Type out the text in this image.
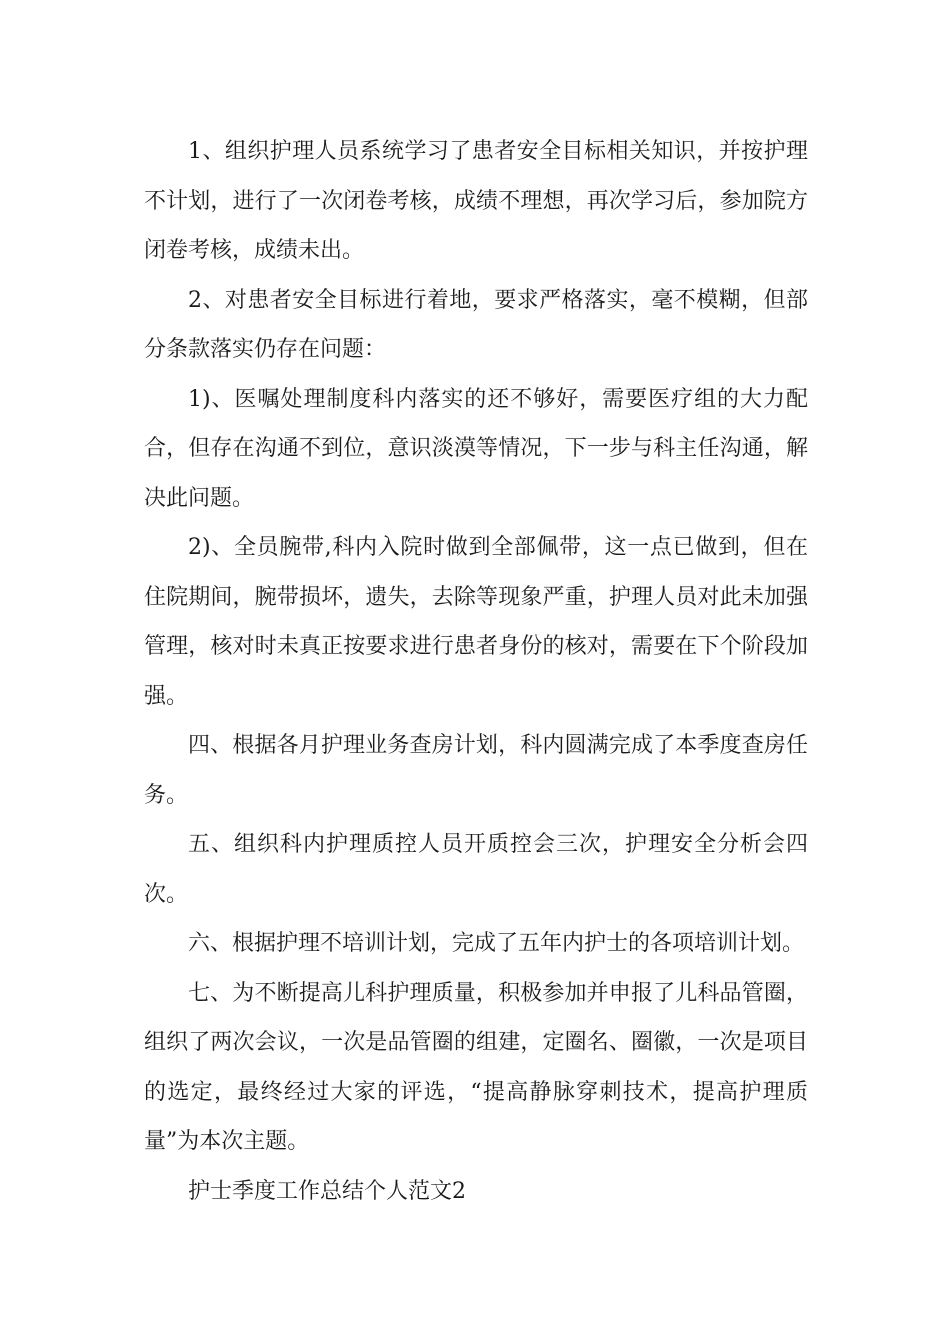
1、组织护理人员系统学习了患者安全目标相关知识，并按护理不计划，进行了一次闭卷考核，成绩不理想，再次学习后，参加院方闭卷考核，成绩未出。

2、对患者安全目标进行着地，要求严格落实，毫不模糊，但部分条款落实仍存在问题：

1)、医嘱处理制度科内落实的还不够好，需要医疗组的大力配合，但存在沟通不到位，意识淡漠等情况，下一步与科主任沟通，解决此问题。

2)、全员腕带,科内入院时做到全部佩带，这一点已做到，但在住院期间，腕带损坏，遗失，去除等现象严重，护理人员对此未加强管理，核对时未真正按要求进行患者身份的核对，需要在下个阶段加强。

四、根据各月护理业务查房计划，科内圆满完成了本季度查房任务。

五、组织科内护理质控人员开质控会三次，护理安全分析会四次。

六、根据护理不培训计划，完成了五年内护士的各项培训计划。

七、为不断提高儿科护理质量，积极参加并申报了儿科品管圈，组织了两次会议，一次是品管圈的组建，定圈名、圈徽，一次是项目的选定，最终经过大家的评选，“提高静脉穿刺技术，提高护理质量”为本次主题。

护士季度工作总结个人范文2
